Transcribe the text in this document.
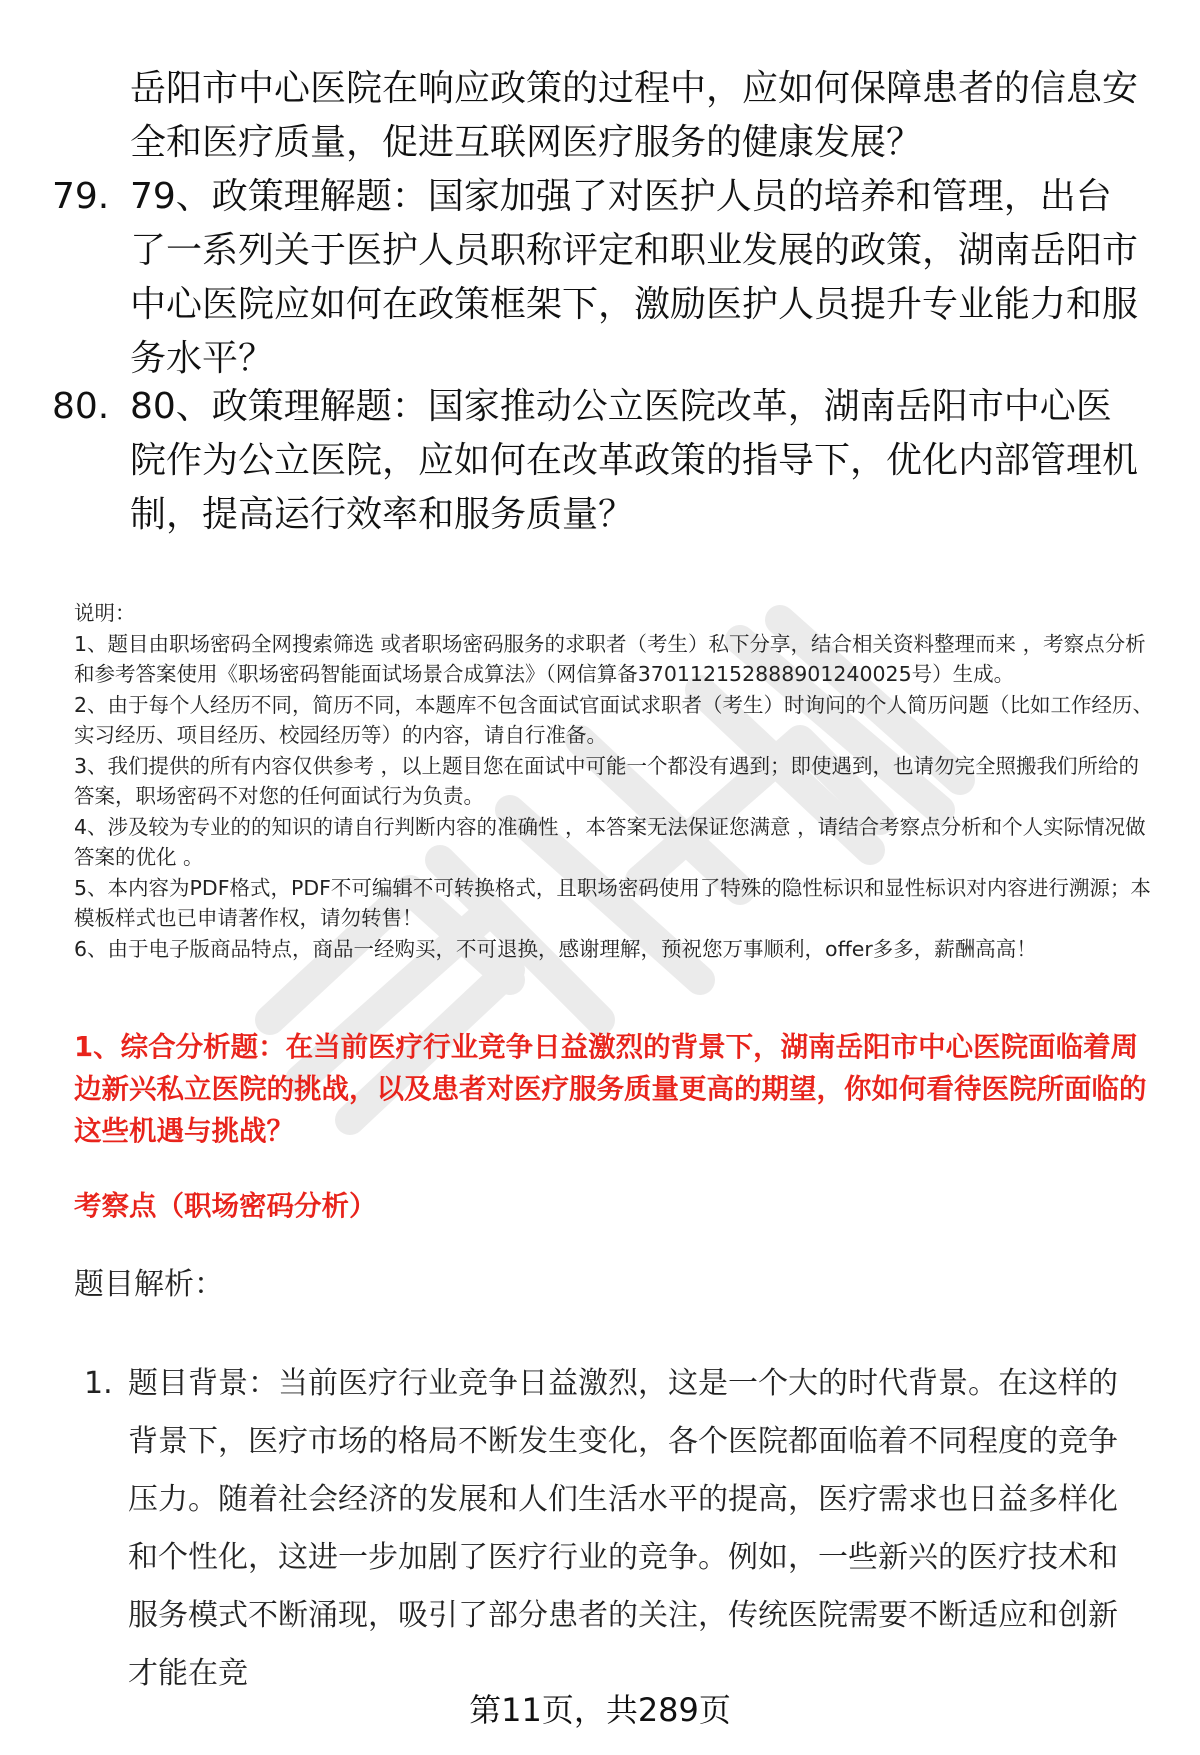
职场密码
岳阳市中心医院在响应政策的过程中，应如何保障患者的信息安全和医疗质量，促进互联网医疗服务的健康发展？
79. 79、政策理解题：国家加强了对医护人员的培养和管理，出台了一系列关于医护人员职称评定和职业发展的政策，湖南岳阳市中心医院应如何在政策框架下，激励医护人员提升专业能力和服务水平？
80. 80、政策理解题：国家推动公立医院改革，湖南岳阳市中心医院作为公立医院，应如何在改革政策的指导下，优化内部管理机制，提高运行效率和服务质量？

说明：

1、题目由职场密码全网搜索筛选 或者职场密码服务的求职者（考生）私下分享，结合相关资料整理而来 ，考察点分析和参考答案使用《职场密码智能面试场景合成算法》（网信算备370112152888901240025号）生成。

2、由于每个人经历不同，简历不同，本题库不包含面试官面试求职者（考生）时询问的个人简历问题（比如工作经历、实习经历、项目经历、校园经历等）的内容，请自行准备。

3、我们提供的所有内容仅供参考 ，以上题目您在面试中可能一个都没有遇到；即使遇到，也请勿完全照搬我们所给的答案，职场密码不对您的任何面试行为负责。

4、涉及较为专业的的知识的请自行判断内容的准确性 ，本答案无法保证您满意 ，请结合考察点分析和个人实际情况做答案的优化 。

5、本内容为PDF格式，PDF不可编辑不可转换格式，且职场密码使用了特殊的隐性标识和显性标识对内容进行溯源；本模板样式也已申请著作权，请勿转售！

6、由于电子版商品特点，商品一经购买，不可退换，感谢理解，预祝您万事顺利，offer多多，薪酬高高！

1、综合分析题：在当前医疗行业竞争日益激烈的背景下，湖南岳阳市中心医院面临着周边新兴私立医院的挑战，以及患者对医疗服务质量更高的期望，你如何看待医院所面临的这些机遇与挑战？
考察点（职场密码分析）
题目解析：
1. 题目背景：当前医疗行业竞争日益激烈，这是一个大的时代背景。在这样的背景下，医疗市场的格局不断发生变化，各个医院都面临着不同程度的竞争压力。随着社会经济的发展和人们生活水平的提高，医疗需求也日益多样化和个性化，这进一步加剧了医疗行业的竞争。例如，一些新兴的医疗技术和服务模式不断涌现，吸引了部分患者的关注，传统医院需要不断适应和创新才能在竞
第11页，共289页
